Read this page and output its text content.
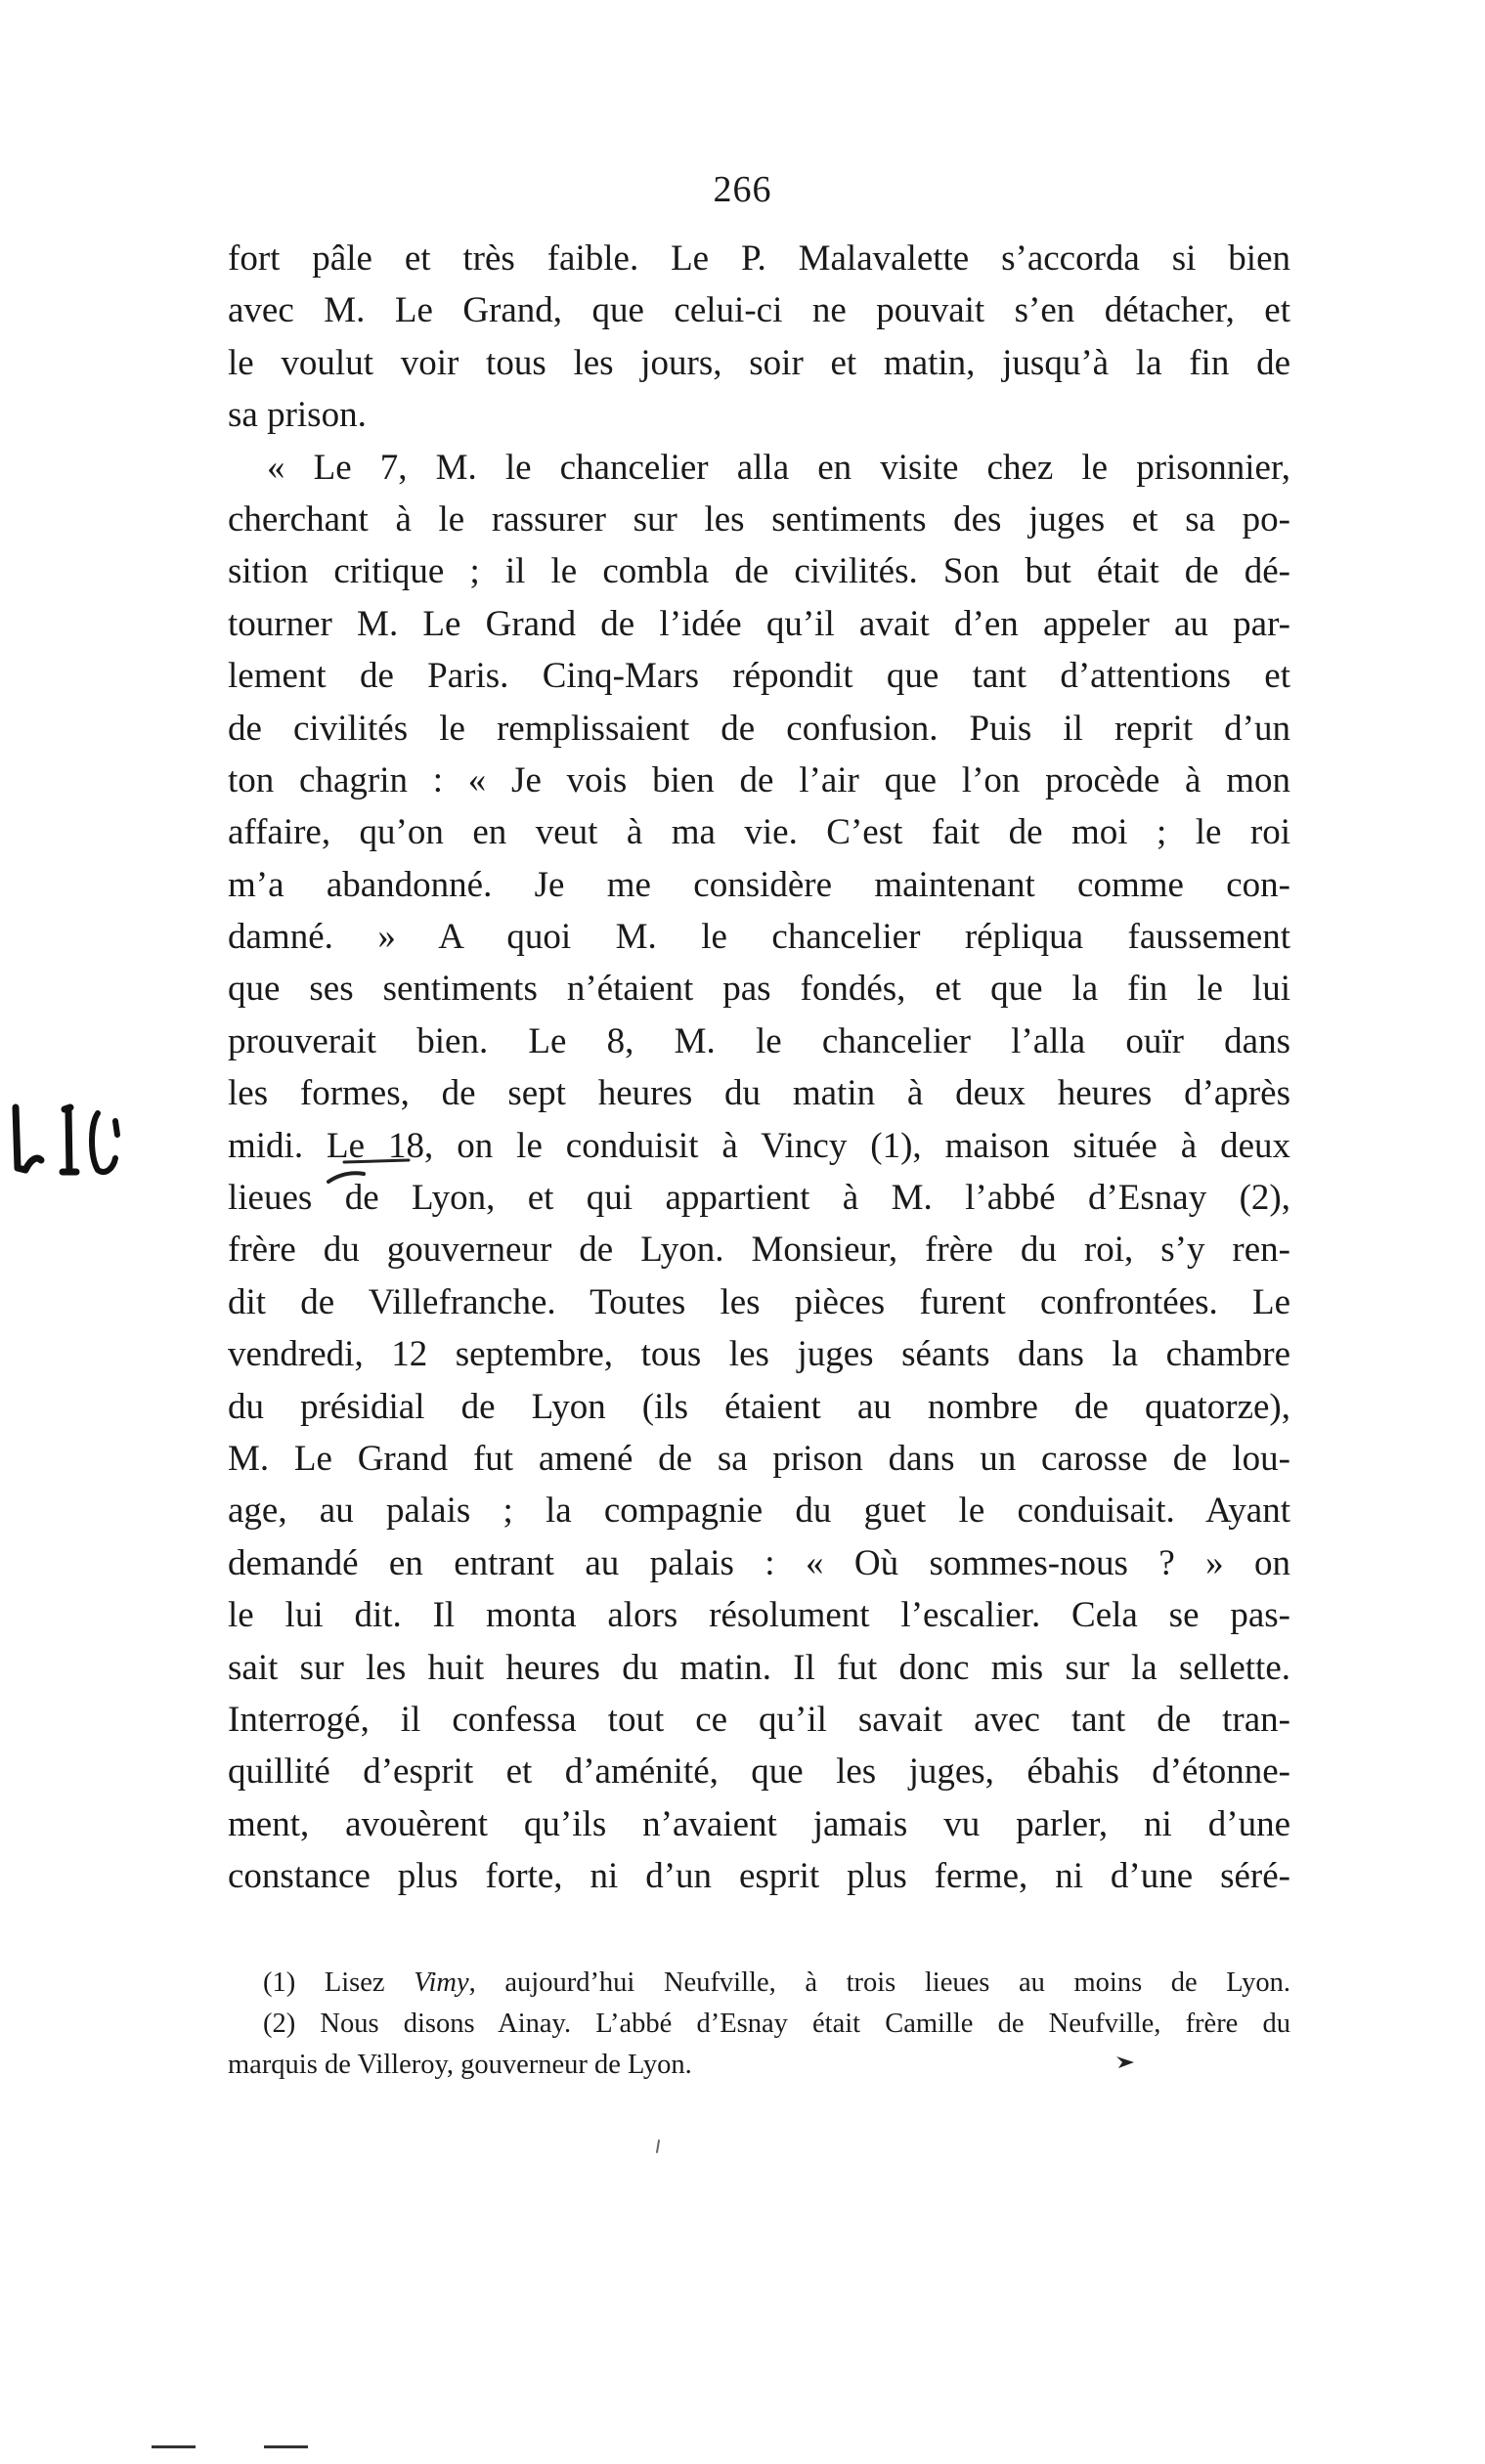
266
fort pâle et très faible. Le P. Malavalette s’accorda si bien
avec M. Le Grand, que celui-ci ne pouvait s’en détacher, et
le voulut voir tous les jours, soir et matin, jusqu’à la fin de
sa prison.
« Le 7, M. le chancelier alla en visite chez le prisonnier,
cherchant à le rassurer sur les sentiments des juges et sa po-
sition critique ; il le combla de civilités. Son but était de dé-
tourner M. Le Grand de l’idée qu’il avait d’en appeler au par-
lement de Paris. Cinq-Mars répondit que tant d’attentions et
de civilités le remplissaient de confusion. Puis il reprit d’un
ton chagrin : « Je vois bien de l’air que l’on procède à mon
affaire, qu’on en veut à ma vie. C’est fait de moi ; le roi
m’a abandonné. Je me considère maintenant comme con-
damné. » A quoi M. le chancelier répliqua faussement
que ses sentiments n’étaient pas fondés, et que la fin le lui
prouverait bien. Le 8, M. le chancelier l’alla ouïr dans
les formes, de sept heures du matin à deux heures d’après
midi. Le 18, on le conduisit à Vincy (1), maison située à deux
lieues de Lyon, et qui appartient à M. l’abbé d’Esnay (2),
frère du gouverneur de Lyon. Monsieur, frère du roi, s’y ren-
dit de Villefranche. Toutes les pièces furent confrontées. Le
vendredi, 12 septembre, tous les juges séants dans la chambre
du présidial de Lyon (ils étaient au nombre de quatorze),
M. Le Grand fut amené de sa prison dans un carosse de lou-
age, au palais ; la compagnie du guet le conduisait. Ayant
demandé en entrant au palais : « Où sommes-nous ? » on
le lui dit. Il monta alors résolument l’escalier. Cela se pas-
sait sur les huit heures du matin. Il fut donc mis sur la sellette.
Interrogé, il confessa tout ce qu’il savait avec tant de tran-
quillité d’esprit et d’aménité, que les juges, ébahis d’étonne-
ment, avouèrent qu’ils n’avaient jamais vu parler, ni d’une
constance plus forte, ni d’un esprit plus ferme, ni d’une séré-
(1) Lisez Vimy, aujourd’hui Neufville, à trois lieues au moins de Lyon.
(2) Nous disons Ainay. L’abbé d’Esnay était Camille de Neufville, frère du
marquis de Villeroy, gouverneur de Lyon.
